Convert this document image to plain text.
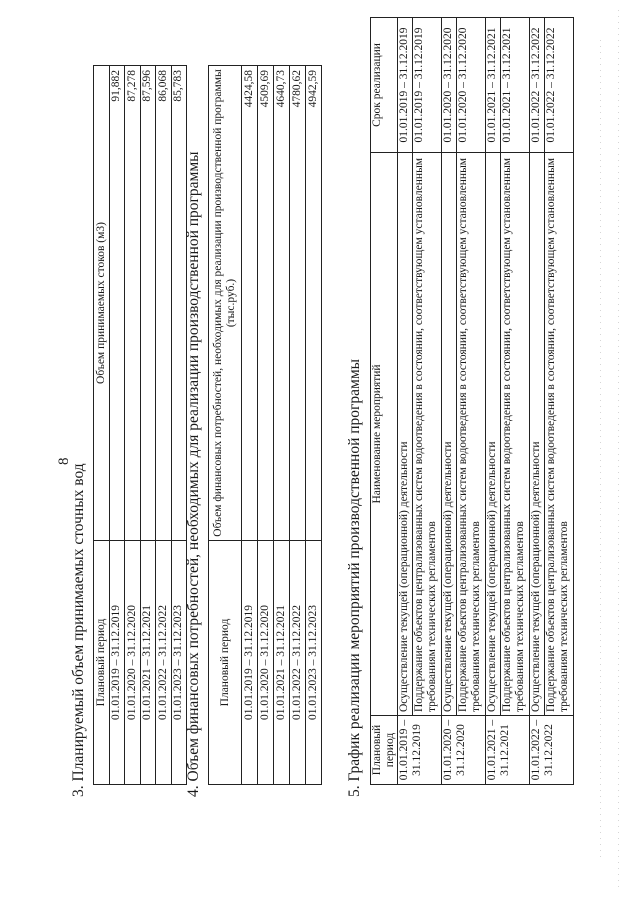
8
3. Планируемый объем принимаемых сточных вод Плановый период	Объем принимаемых стоков (м3)
01.01.2019 – 31.12.2019	91,882
01.01.2020 – 31.12.2020	87,278
01.01.2021 – 31.12.2021	87,596
01.01.2022 – 31.12.2022	86,068
01.01.2023 – 31.12.2023	85,783
4. Объем финансовых потребностей, необходимых для реализации производственной программы Плановый период	Объем финансовых потребностей, необходимых для реализации производственной программы (тыс.руб.)
01.01.2019 – 31.12.2019	4424,58
01.01.2020 – 31.12.2020	4509,69
01.01.2021 – 31.12.2021	4640,73
01.01.2022 – 31.12.2022	4780,62
01.01.2023 – 31.12.2023	4942,59
5. График реализации мероприятий производственной программы Плановый период	Наименование мероприятий	Срок реализации
01.01.2019 – 31.12.2019	Осуществление текущей (операционной) деятельности	01.01.2019 – 31.12.2019
	Поддержание объектов централизованных систем водоотведения в состоянии, соответствующем установленным требованиям технических регламентов	01.01.2019 – 31.12.2019
01.01.2020 – 31.12.2020	Осуществление текущей (операционной) деятельности	01.01.2020 – 31.12.2020
	Поддержание объектов централизованных систем водоотведения в состоянии, соответствующем установленным требованиям технических регламентов	01.01.2020 – 31.12.2020
01.01.2021 – 31.12.2021	Осуществление текущей (операционной) деятельности	01.01.2021 – 31.12.2021
	Поддержание объектов централизованных систем водоотведения в состоянии, соответствующем установленным требованиям технических регламентов	01.01.2021 – 31.12.2021
01.01.2022 – 31.12.2022	Осуществление текущей (операционной) деятельности	01.01.2022 – 31.12.2022
	Поддержание объектов централизованных систем водоотведения в состоянии, соответствующем установленным требованиям технических регламентов	01.01.2022 – 31.12.2022
